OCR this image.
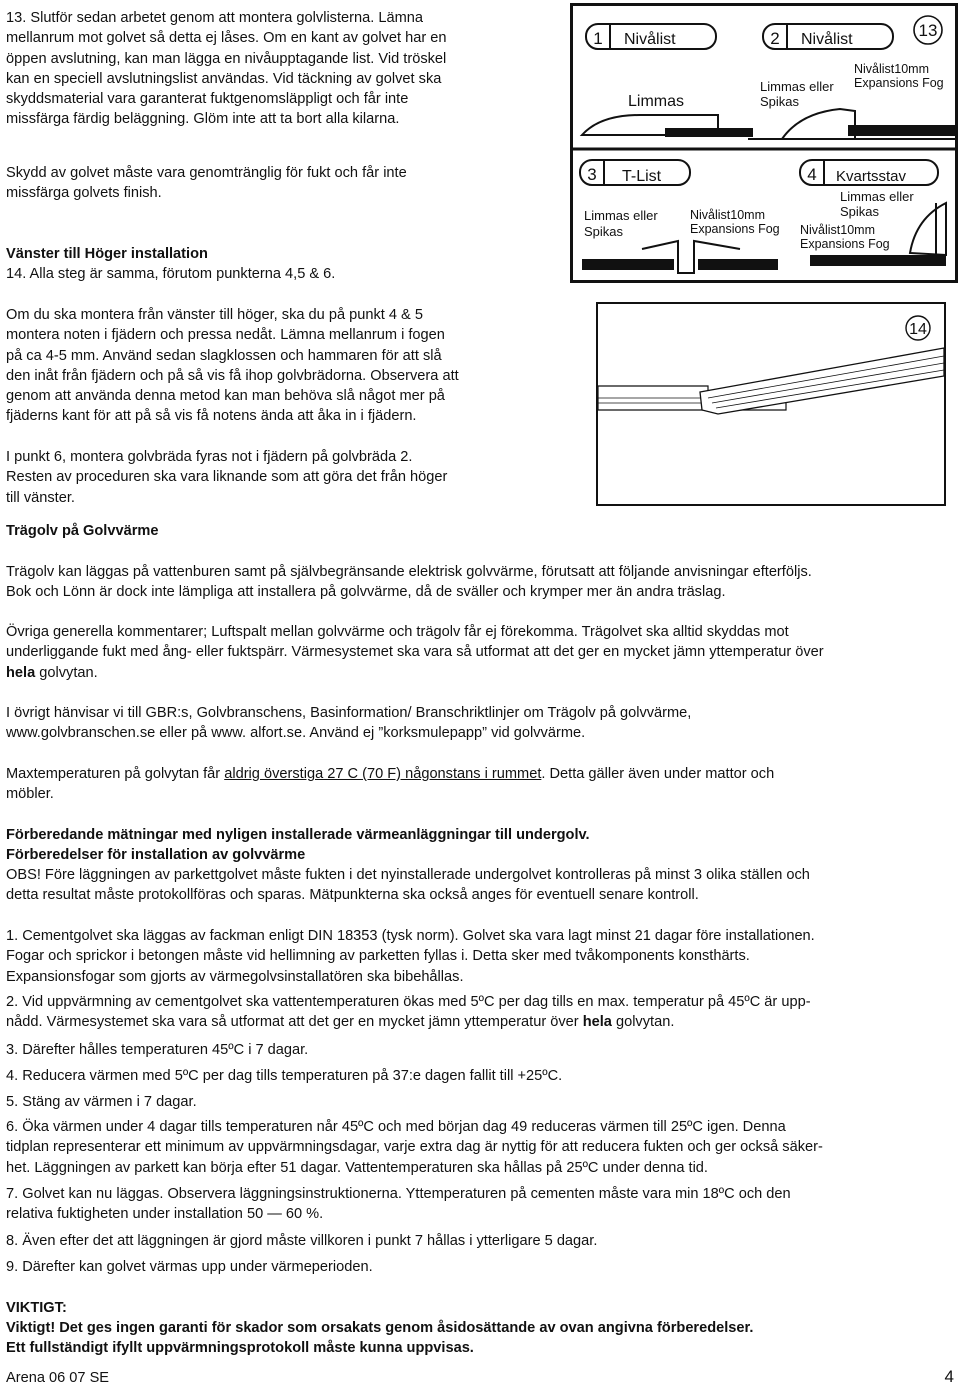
13. Slutför sedan arbetet genom att montera golvlisterna. Lämna
mellanrum mot golvet så detta ej låses. Om en kant av golvet har en
öppen avslutning, kan man lägga en nivåupptagande list. Vid tröskel
kan en speciell avslutningslist användas. Vid täckning av golvet ska
skyddsmaterial vara garanterat fuktgenomsläppligt och får inte
missfärga färdig beläggning. Glöm inte att ta bort alla kilarna.

Skydd av golvet måste vara genomtränglig för fukt och får inte
missfärga golvets finish.

Vänster till Höger installation

14. Alla steg är samma, förutom punkterna 4,5 & 6.

Om du ska montera från vänster till höger, ska du på punkt 4 & 5
montera noten i fjädern och pressa nedåt. Lämna mellanrum i fogen
på ca 4-5 mm. Använd sedan slagklossen och hammaren för att slå
den inåt från fjädern och på så vis få ihop golvbrädorna. Observera att
genom att använda denna metod kan man behöva slå något mer på
fjäderns kant för att på så vis få notens ända att åka in i fjädern.

I punkt 6, montera golvbräda fyras not i fjädern på golvbräda 2.
Resten av proceduren ska vara liknande som att göra det från höger
till vänster.

Trägolv på Golvvärme

13
1 Nivålist
Limmas
2 Nivålist
Limmas eller
Spikas
Nivålist10mm
Expansions Fog
3 T-List
Limmas eller
Spikas
Nivålist10mm
Expansions Fog
4 Kvartsstav
Limmas eller
Spikas
Nivålist10mm
Expansions Fog
14

Trägolv kan läggas på vattenburen samt på självbegränsande elektrisk golvvärme, förutsatt att följande anvisningar efterföljs.
Bok och Lönn är dock inte lämpliga att installera på golvvärme, då de sväller och krymper mer än andra träslag.

Övriga generella kommentarer; Luftspalt mellan golvvärme och trägolv får ej förekomma. Trägolvet ska alltid skyddas mot
underliggande fukt med ång- eller fuktspärr. Värmesystemet ska vara så utformat att det ger en mycket jämn yttemperatur över
hela golvytan.

I övrigt hänvisar vi till GBR:s, Golvbranschens, Basinformation/ Branschriktlinjer om Trägolv på golvvärme,
www.golvbranschen.se eller på www. alfort.se. Använd ej ”korksmulepapp” vid golvvärme.

Maxtemperaturen på golvytan får aldrig överstiga 27 C (70 F) någonstans i rummet. Detta gäller även under mattor och
möbler.

Förberedande mätningar med nyligen installerade värmeanläggningar till undergolv.

Förberedelser för installation av golvvärme

OBS! Före läggningen av parkettgolvet måste fukten i det nyinstallerade undergolvet kontrolleras på minst 3 olika ställen och
detta resultat måste protokollföras och sparas. Mätpunkterna ska också anges för eventuell senare kontroll.

1. Cementgolvet ska läggas av fackman enligt DIN 18353 (tysk norm). Golvet ska vara lagt minst 21 dagar före installationen.
Fogar och sprickor i betongen måste vid hellimning av parketten fyllas i. Detta sker med tvåkomponents konsthärts.
Expansionsfogar som gjorts av värmegolvsinstallatören ska bibehållas.

2. Vid uppvärmning av cementgolvet ska vattentemperaturen ökas med 5ºC per dag tills en max. temperatur på 45ºC är upp-
nådd. Värmesystemet ska vara så utformat att det ger en mycket jämn yttemperatur över hela golvytan.

3. Därefter hålles temperaturen 45ºC i 7 dagar.

4. Reducera värmen med 5ºC per dag tills temperaturen på 37:e dagen fallit till +25ºC.

5. Stäng av värmen i 7 dagar.

6. Öka värmen under 4 dagar tills temperaturen når 45ºC och med början dag 49 reduceras värmen till 25ºC igen. Denna
tidplan representerar ett minimum av uppvärmningsdagar, varje extra dag är nyttig för att reducera fukten och ger också säker-
het. Läggningen av parkett kan börja efter 51 dagar. Vattentemperaturen ska hållas på 25ºC under denna tid.

7. Golvet kan nu läggas. Observera läggningsinstruktionerna. Yttemperaturen på cementen måste vara min 18ºC och den
relativa fuktigheten under installation 50 — 60 %.

8. Även efter det att läggningen är gjord måste villkoren i punkt 7 hållas i ytterligare 5 dagar.

9. Därefter kan golvet värmas upp under värmeperioden.

VIKTIGT:

Viktigt! Det ges ingen garanti för skador som orsakats genom åsidosättande av ovan angivna förberedelser.
Ett fullständigt ifyllt uppvärmningsprotokoll måste kunna uppvisas.

Arena 06 07 SE	4
